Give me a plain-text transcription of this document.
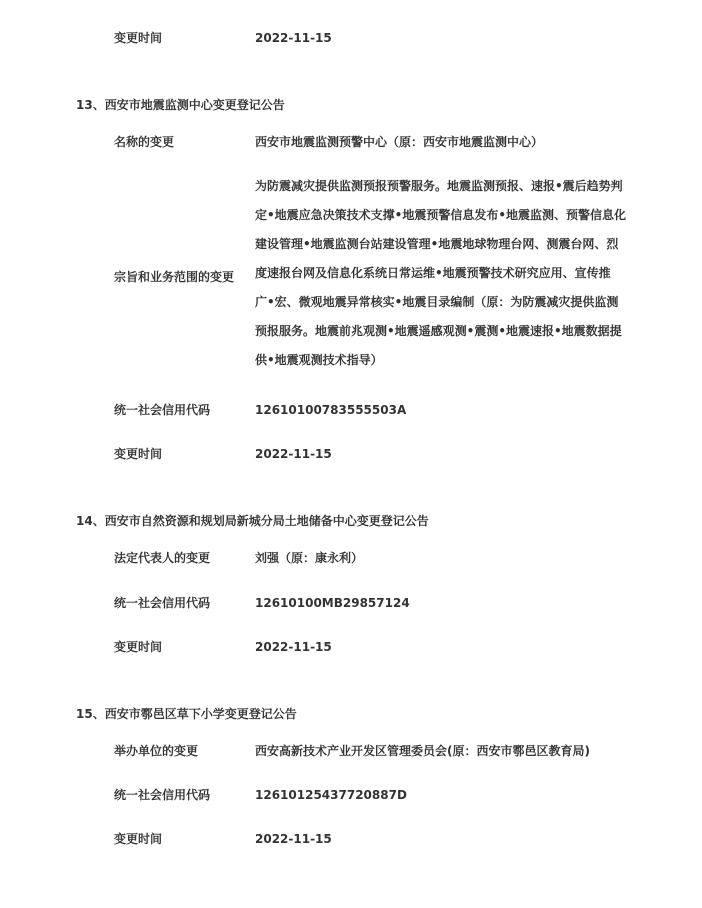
变更时间	2022-11-15
13、西安市地震监测中心变更登记公告
名称的变更	西安市地震监测预警中心（原：西安市地震监测中心）
宗旨和业务范围的变更
为防震减灾提供监测预报预警服务。地震监测预报、速报•震后趋势判
定•地震应急决策技术支撑•地震预警信息发布•地震监测、预警信息化
建设管理•地震监测台站建设管理•地震地球物理台网、测震台网、烈
度速报台网及信息化系统日常运维•地震预警技术研究应用、宣传推
广•宏、微观地震异常核实•地震目录编制（原：为防震减灾提供监测
预报服务。地震前兆观测•地震遥感观测•震测•地震速报•地震数据提
供•地震观测技术指导）
统一社会信用代码	12610100783555503A
变更时间	2022-11-15
14、西安市自然资源和规划局新城分局土地储备中心变更登记公告
法定代表人的变更	刘强（原：康永利）
统一社会信用代码	12610100MB29857124
变更时间	2022-11-15
15、西安市鄠邑区草下小学变更登记公告
举办单位的变更	西安高新技术产业开发区管理委员会(原：西安市鄠邑区教育局)
统一社会信用代码	12610125437720887D
变更时间	2022-11-15
